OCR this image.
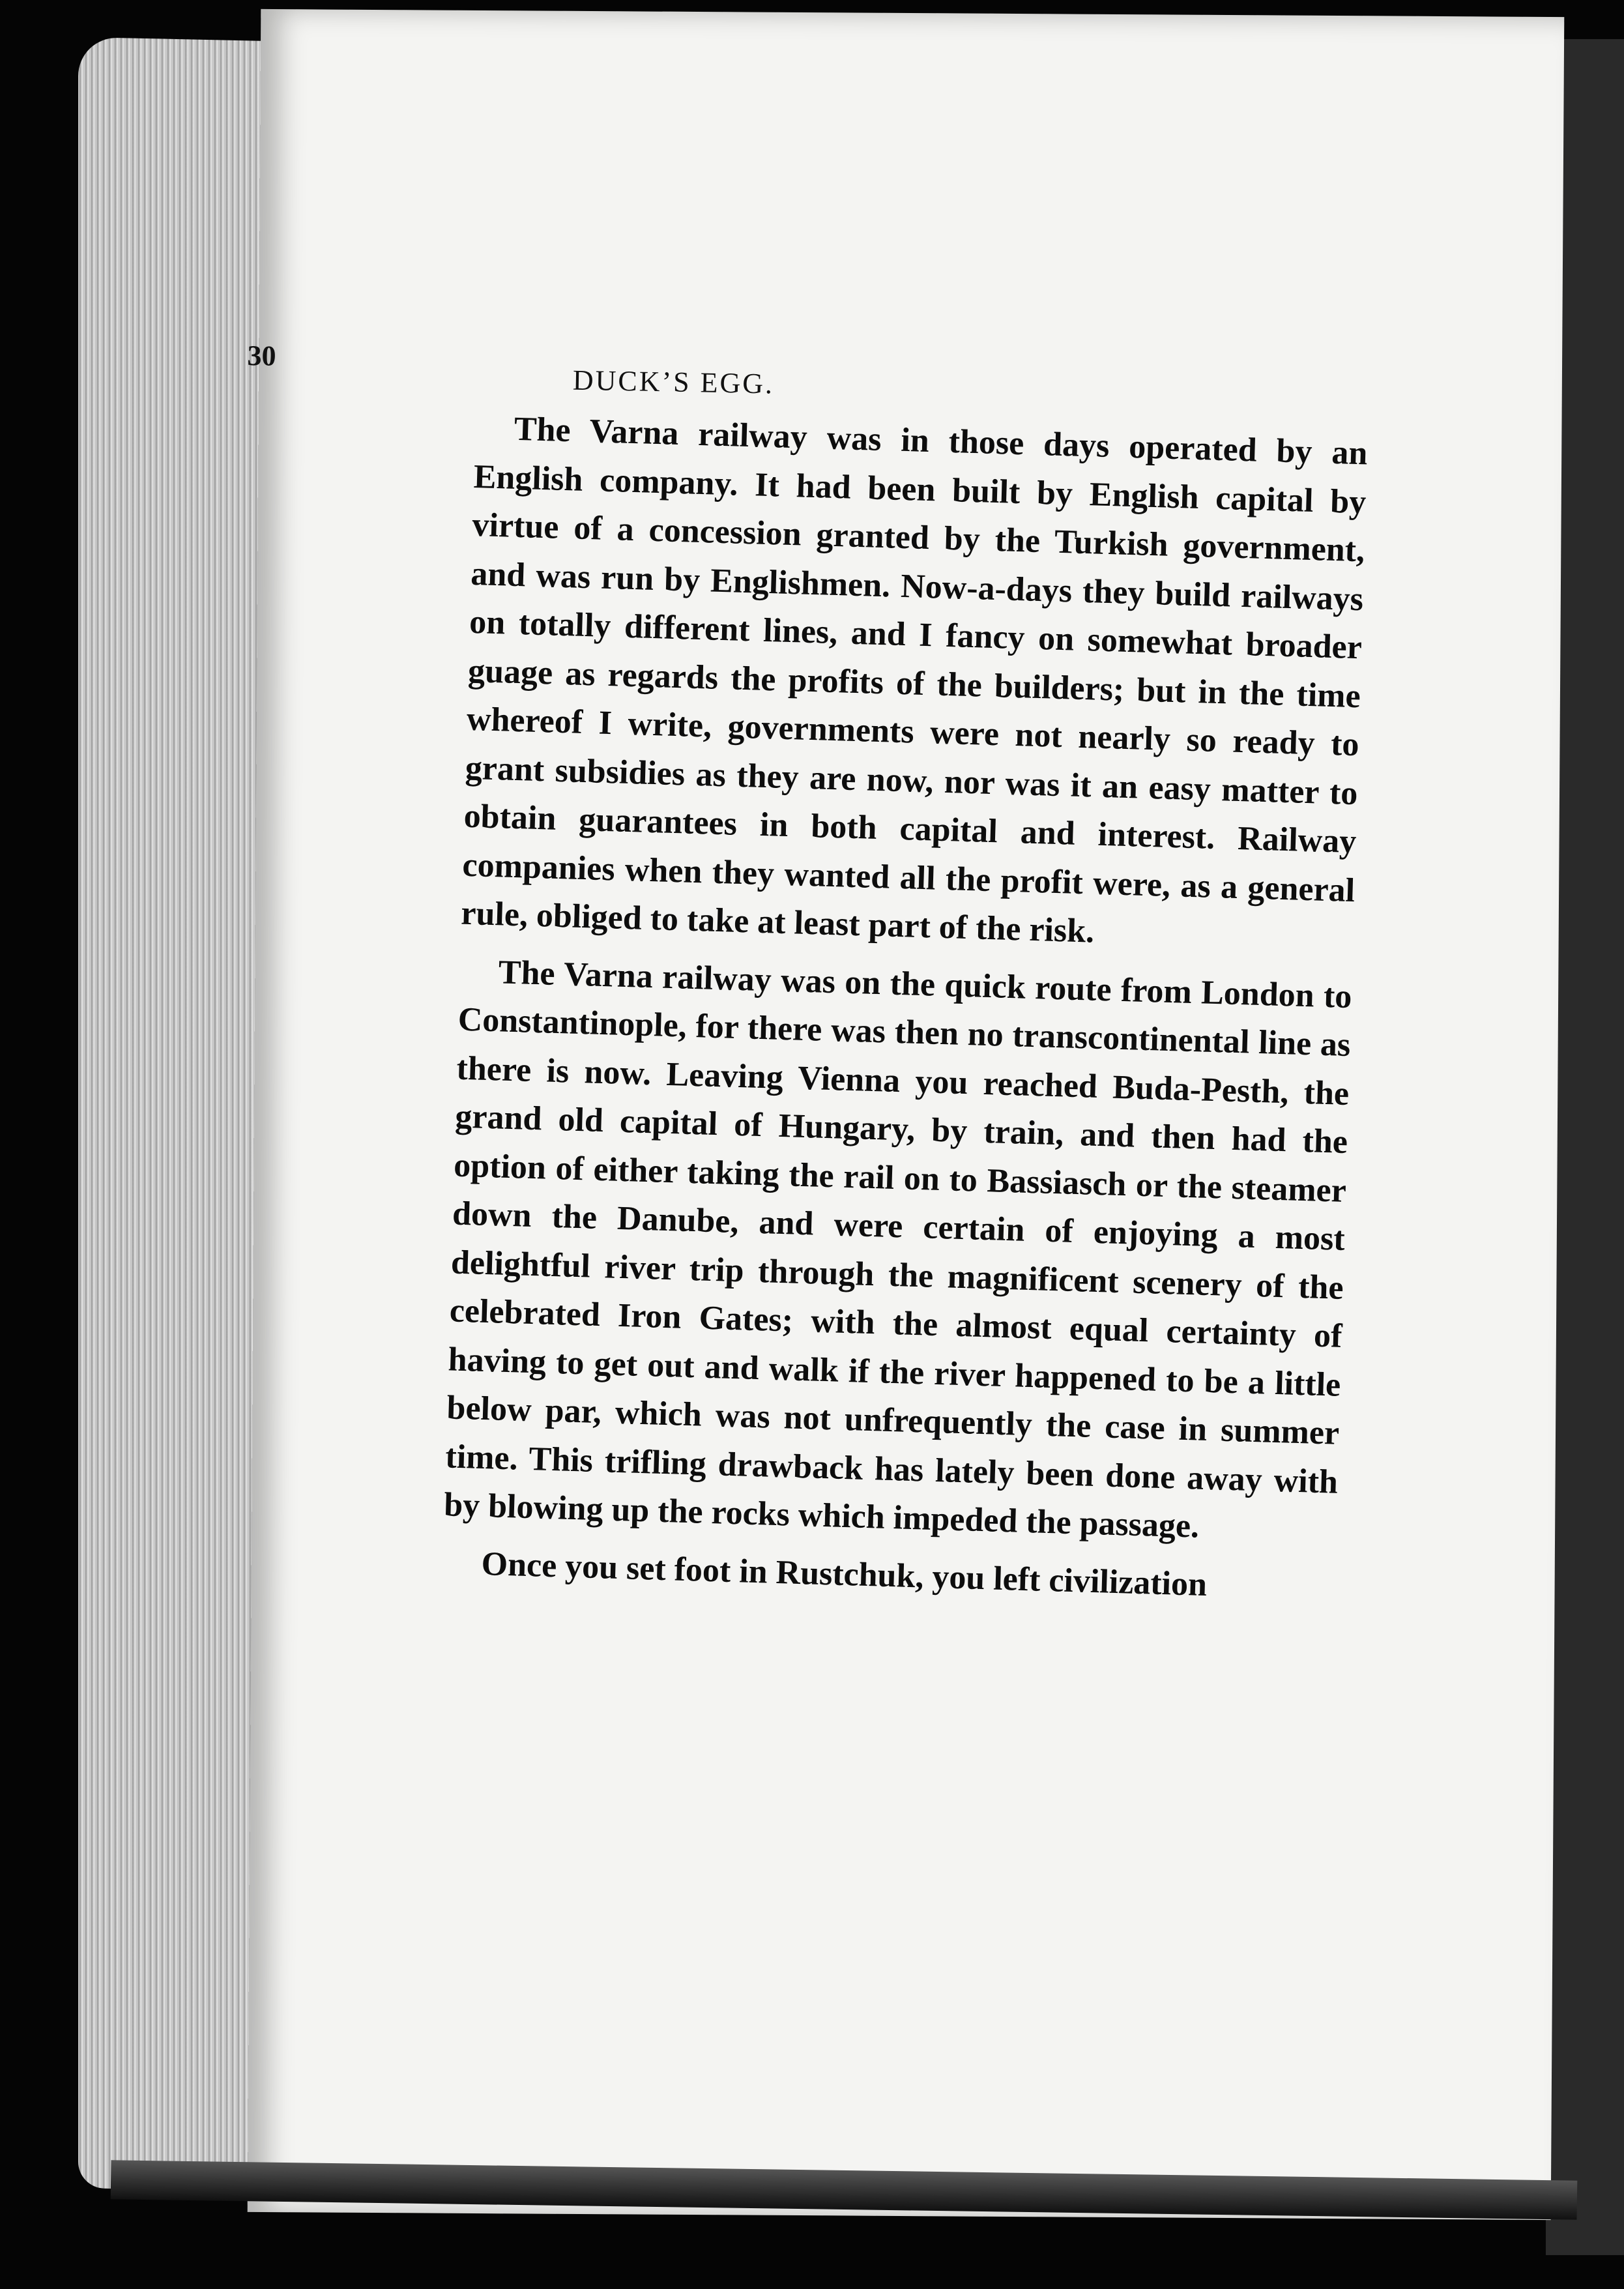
30
DUCK’S EGG.

The Varna railway was in those days operated by an English company. It had been built by English capital by virtue of a concession granted by the Turkish government, and was run by Englishmen. Now-a-days they build railways on totally different lines, and I fancy on somewhat broader guage as regards the profits of the builders; but in the time whereof I write, governments were not nearly so ready to grant subsidies as they are now, nor was it an easy matter to obtain guarantees in both capital and interest. Railway companies when they wanted all the profit were, as a general rule, obliged to take at least part of the risk.

The Varna railway was on the quick route from London to Constantinople, for there was then no transcontinental line as there is now. Leaving Vienna you reached Buda-Pesth, the grand old capital of Hungary, by train, and then had the option of either taking the rail on to Bassiasch or the steamer down the Danube, and were certain of enjoying a most delightful river trip through the magnificent scenery of the celebrated Iron Gates; with the almost equal certainty of having to get out and walk if the river happened to be a little below par, which was not unfrequently the case in summer time. This trifling drawback has lately been done away with by blowing up the rocks which impeded the passage.

Once you set foot in Rustchuk, you left civilization
